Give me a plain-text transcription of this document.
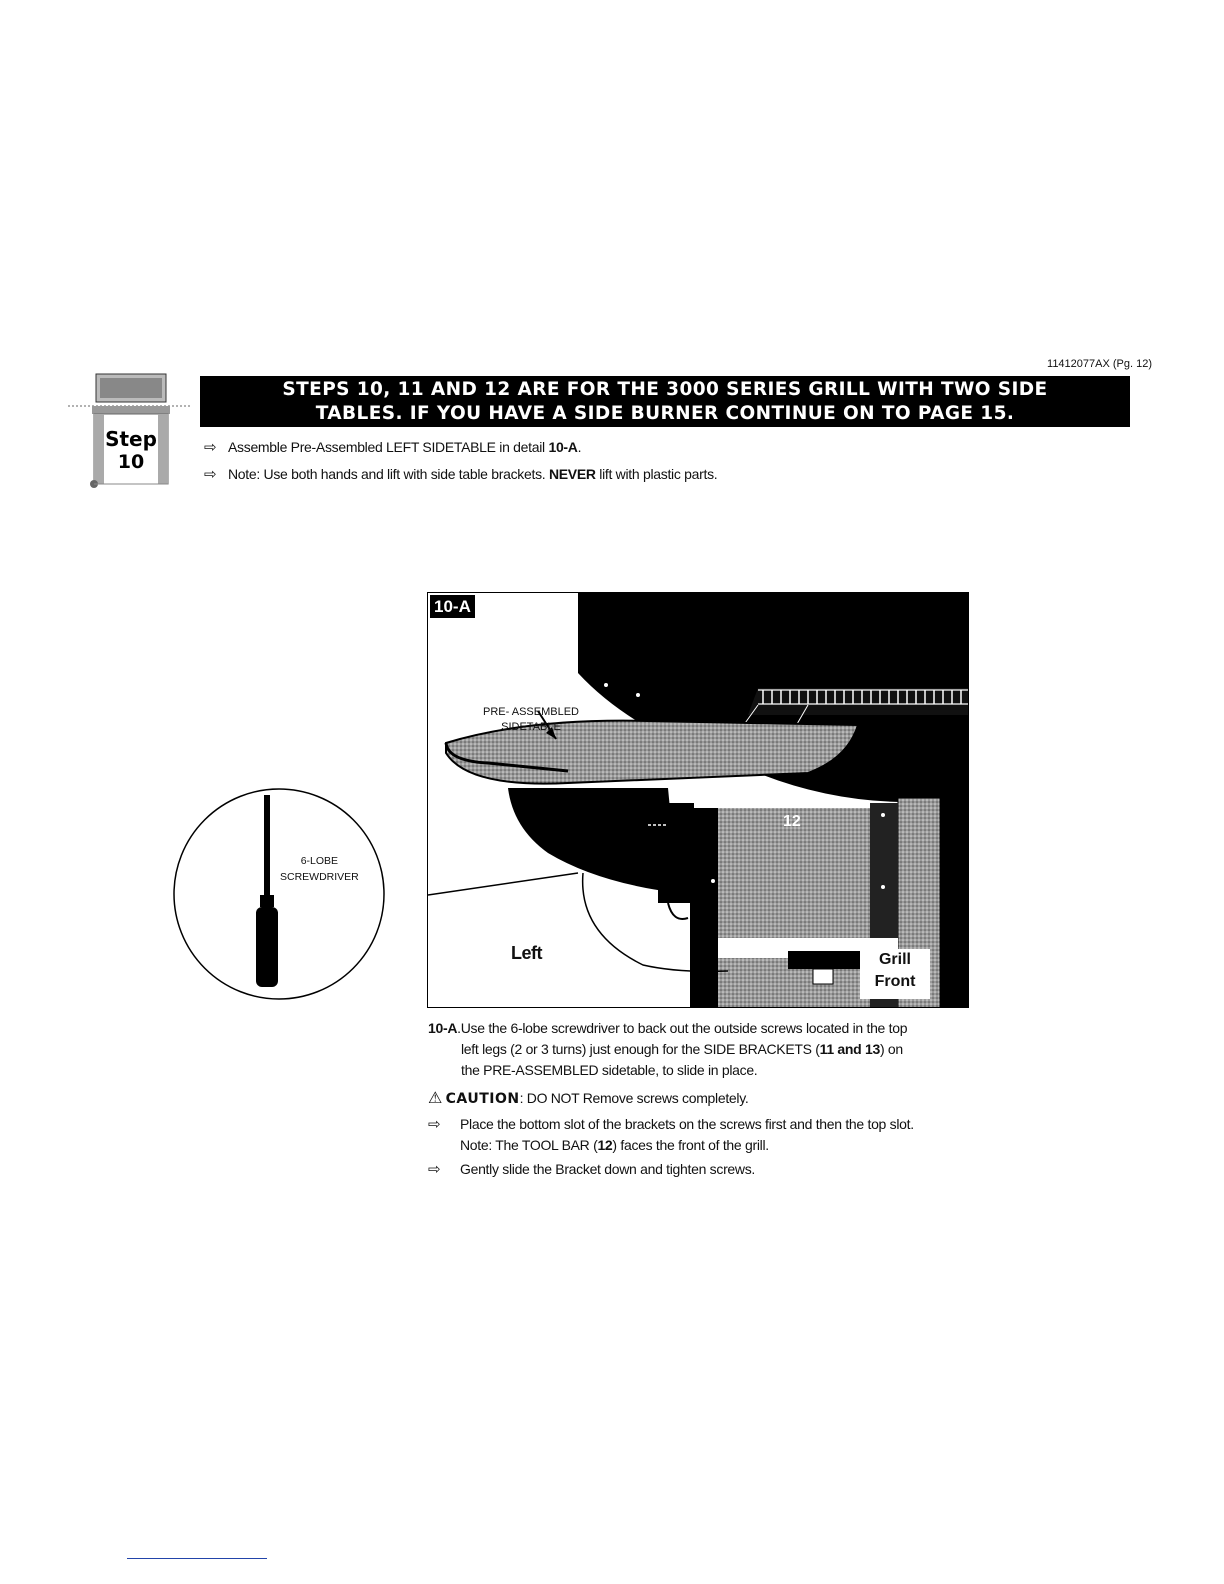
11412077AX (Pg. 12)
Step
10
STEPS 10, 11 AND 12 ARE FOR THE 3000 SERIES GRILL WITH TWO SIDE
TABLES. IF YOU HAVE A SIDE BURNER CONTINUE ON TO PAGE 15.
⇨ Assemble Pre-Assembled LEFT SIDETABLE in detail 10-A.
⇨ Note: Use both hands and lift with side table brackets. NEVER lift with plastic parts.
10-A
PRE- ASSEMBLED
SIDETABLE
12
Left	Grill
Front
6-LOBE
SCREWDRIVER
10-A.Use the 6-lobe screwdriver to back out the outside screws located in the top
left legs (2 or 3 turns) just enough for the SIDE BRACKETS (11 and 13) on
the PRE-ASSEMBLED sidetable, to slide in place.
⚠ CAUTION: DO NOT Remove screws completely.
⇨ Place the bottom slot of the brackets on the screws first and then the top slot.
Note: The TOOL BAR (12) faces the front of the grill.
⇨ Gently slide the Bracket down and tighten screws.
